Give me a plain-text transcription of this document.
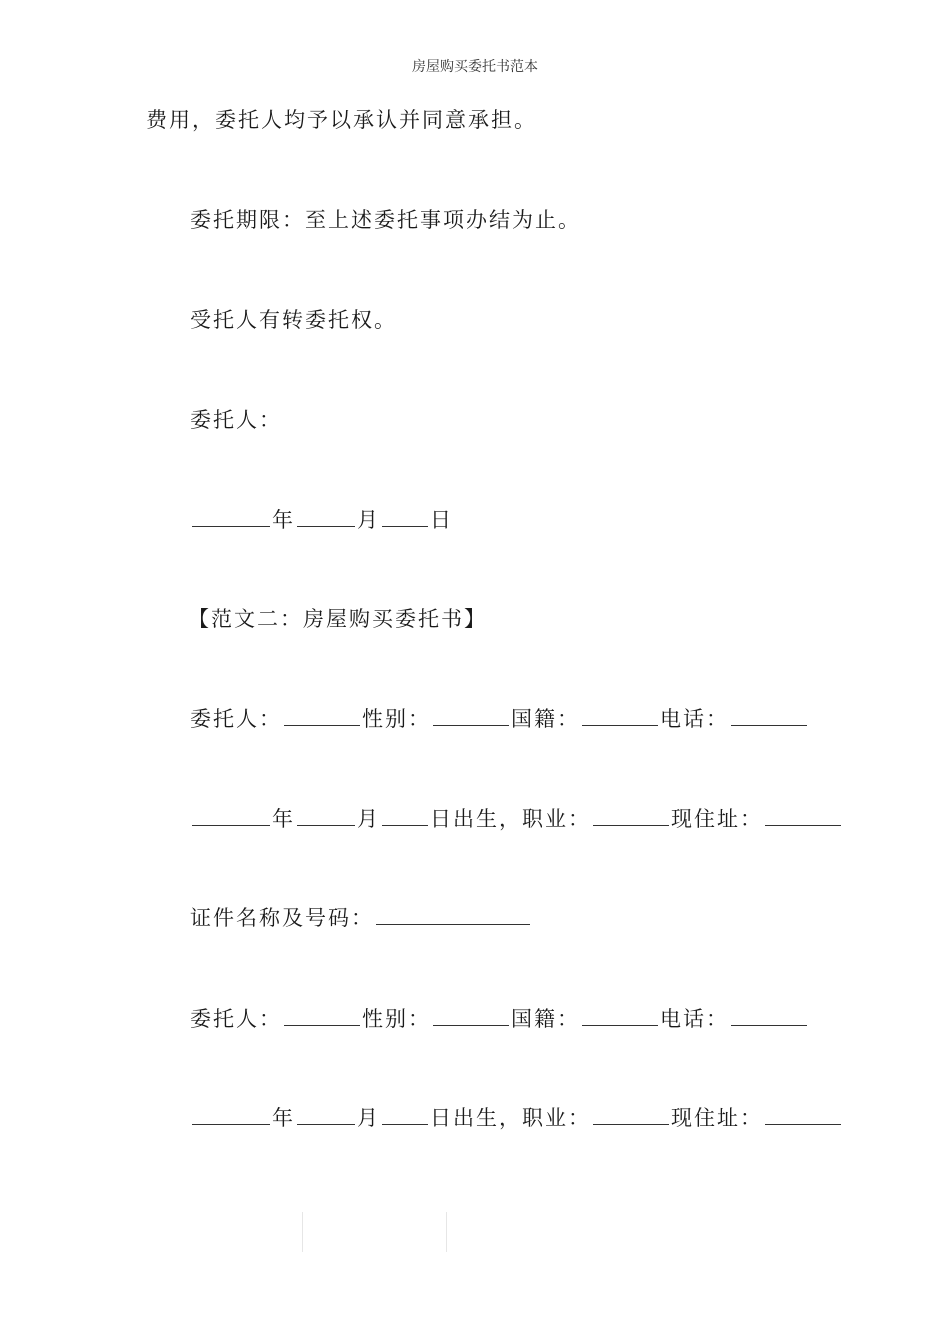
房屋购买委托书范本
费用，委托人均予以承认并同意承担。
委托期限：至上述委托事项办结为止。
受托人有转委托权。
委托人：
年	月 日
【范文二：房屋购买委托书】
委托人：	性别：	国籍：	电话：
年	月 日出生，职业：	现住址：
证件名称及号码：
委托人：	性别：	国籍：	电话：
年	月 日出生，职业：	现住址：
